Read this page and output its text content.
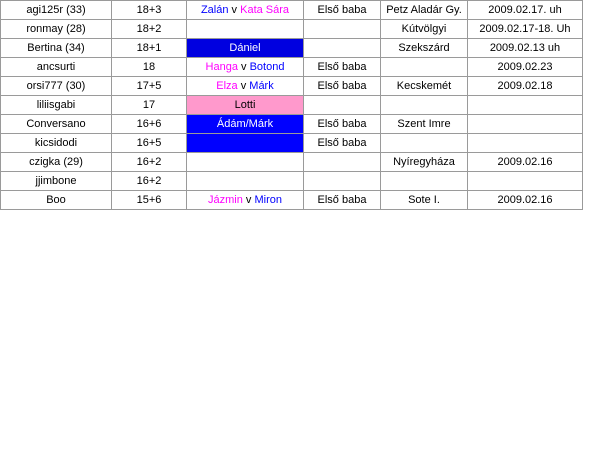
agi125r (33)	18+3	Zalán v Kata Sára	Első baba	Petz Aladár Gy.	2009.02.17. uh
ronmay (28)	18+2			Kútvölgyi	2009.02.17-18. Uh
Bertina (34)	18+1	Dániel		Szekszárd	2009.02.13 uh
ancsurti	18	Hanga v Botond	Első baba		2009.02.23
orsi777 (30)	17+5	Elza v Márk	Első baba	Kecskemét	2009.02.18
liliisgabi	17	Lotti			
Conversano	16+6	Ádám/Márk	Első baba	Szent Imre	
kicsidodi	16+5		Első baba		
czigka (29)	16+2			Nyíregyháza	2009.02.16
jjimbone	16+2				
Boo	15+6	Jázmin v Miron	Első baba	Sote I.	2009.02.16
